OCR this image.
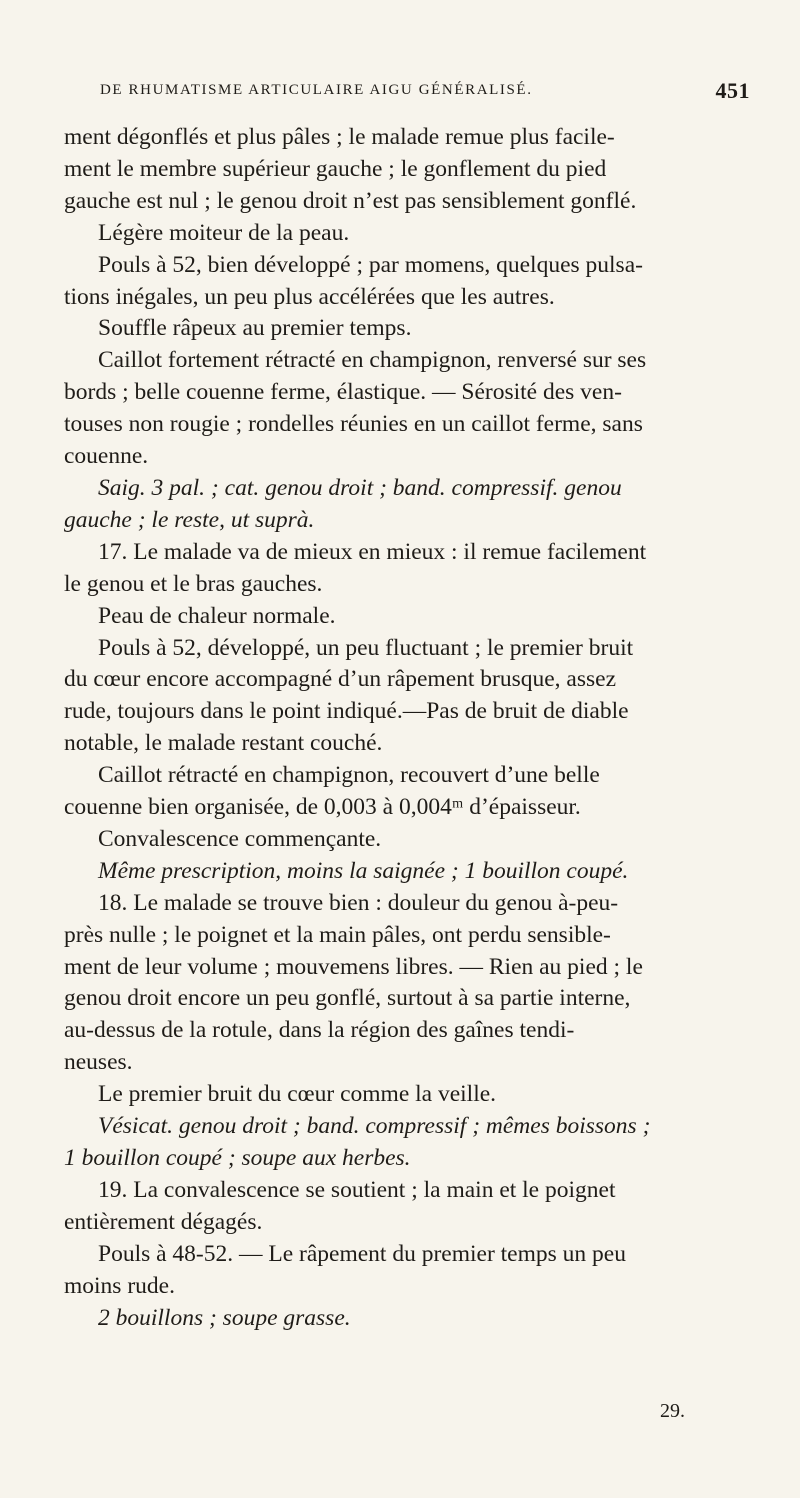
DE RHUMATISME ARTICULAIRE AIGU GÉNÉRALISÉ.	451
ment dégonflés et plus pâles ; le malade remue plus facile-
ment le membre supérieur gauche ; le gonflement du pied
gauche est nul ; le genou droit n’est pas sensiblement gonflé.
Légère moiteur de la peau.
Pouls à 52, bien développé ; par momens, quelques pulsa-
tions inégales, un peu plus accélérées que les autres.
Souffle râpeux au premier temps.
Caillot fortement rétracté en champignon, renversé sur ses
bords ; belle couenne ferme, élastique. — Sérosité des ven-
touses non rougie ; rondelles réunies en un caillot ferme, sans
couenne.
Saig. 3 pal. ; cat. genou droit ; band. compressif. genou
gauche ; le reste, ut suprà.
17. Le malade va de mieux en mieux : il remue facilement
le genou et le bras gauches.
Peau de chaleur normale.
Pouls à 52, développé, un peu fluctuant ; le premier bruit
du cœur encore accompagné d’un râpement brusque, assez
rude, toujours dans le point indiqué.—Pas de bruit de diable
notable, le malade restant couché.
Caillot rétracté en champignon, recouvert d’une belle
couenne bien organisée, de 0,003 à 0,004ᵐ d’épaisseur.
Convalescence commençante.
Même prescription, moins la saignée ; 1 bouillon coupé.
18. Le malade se trouve bien : douleur du genou à-peu-
près nulle ; le poignet et la main pâles, ont perdu sensible-
ment de leur volume ; mouvemens libres. — Rien au pied ; le
genou droit encore un peu gonflé, surtout à sa partie interne,
au-dessus de la rotule, dans la région des gaînes tendi-
neuses.
Le premier bruit du cœur comme la veille.
Vésicat. genou droit ; band. compressif ; mêmes boissons ;
1 bouillon coupé ; soupe aux herbes.
19. La convalescence se soutient ; la main et le poignet
entièrement dégagés.
Pouls à 48-52. — Le râpement du premier temps un peu
moins rude.
2 bouillons ; soupe grasse.
29.
